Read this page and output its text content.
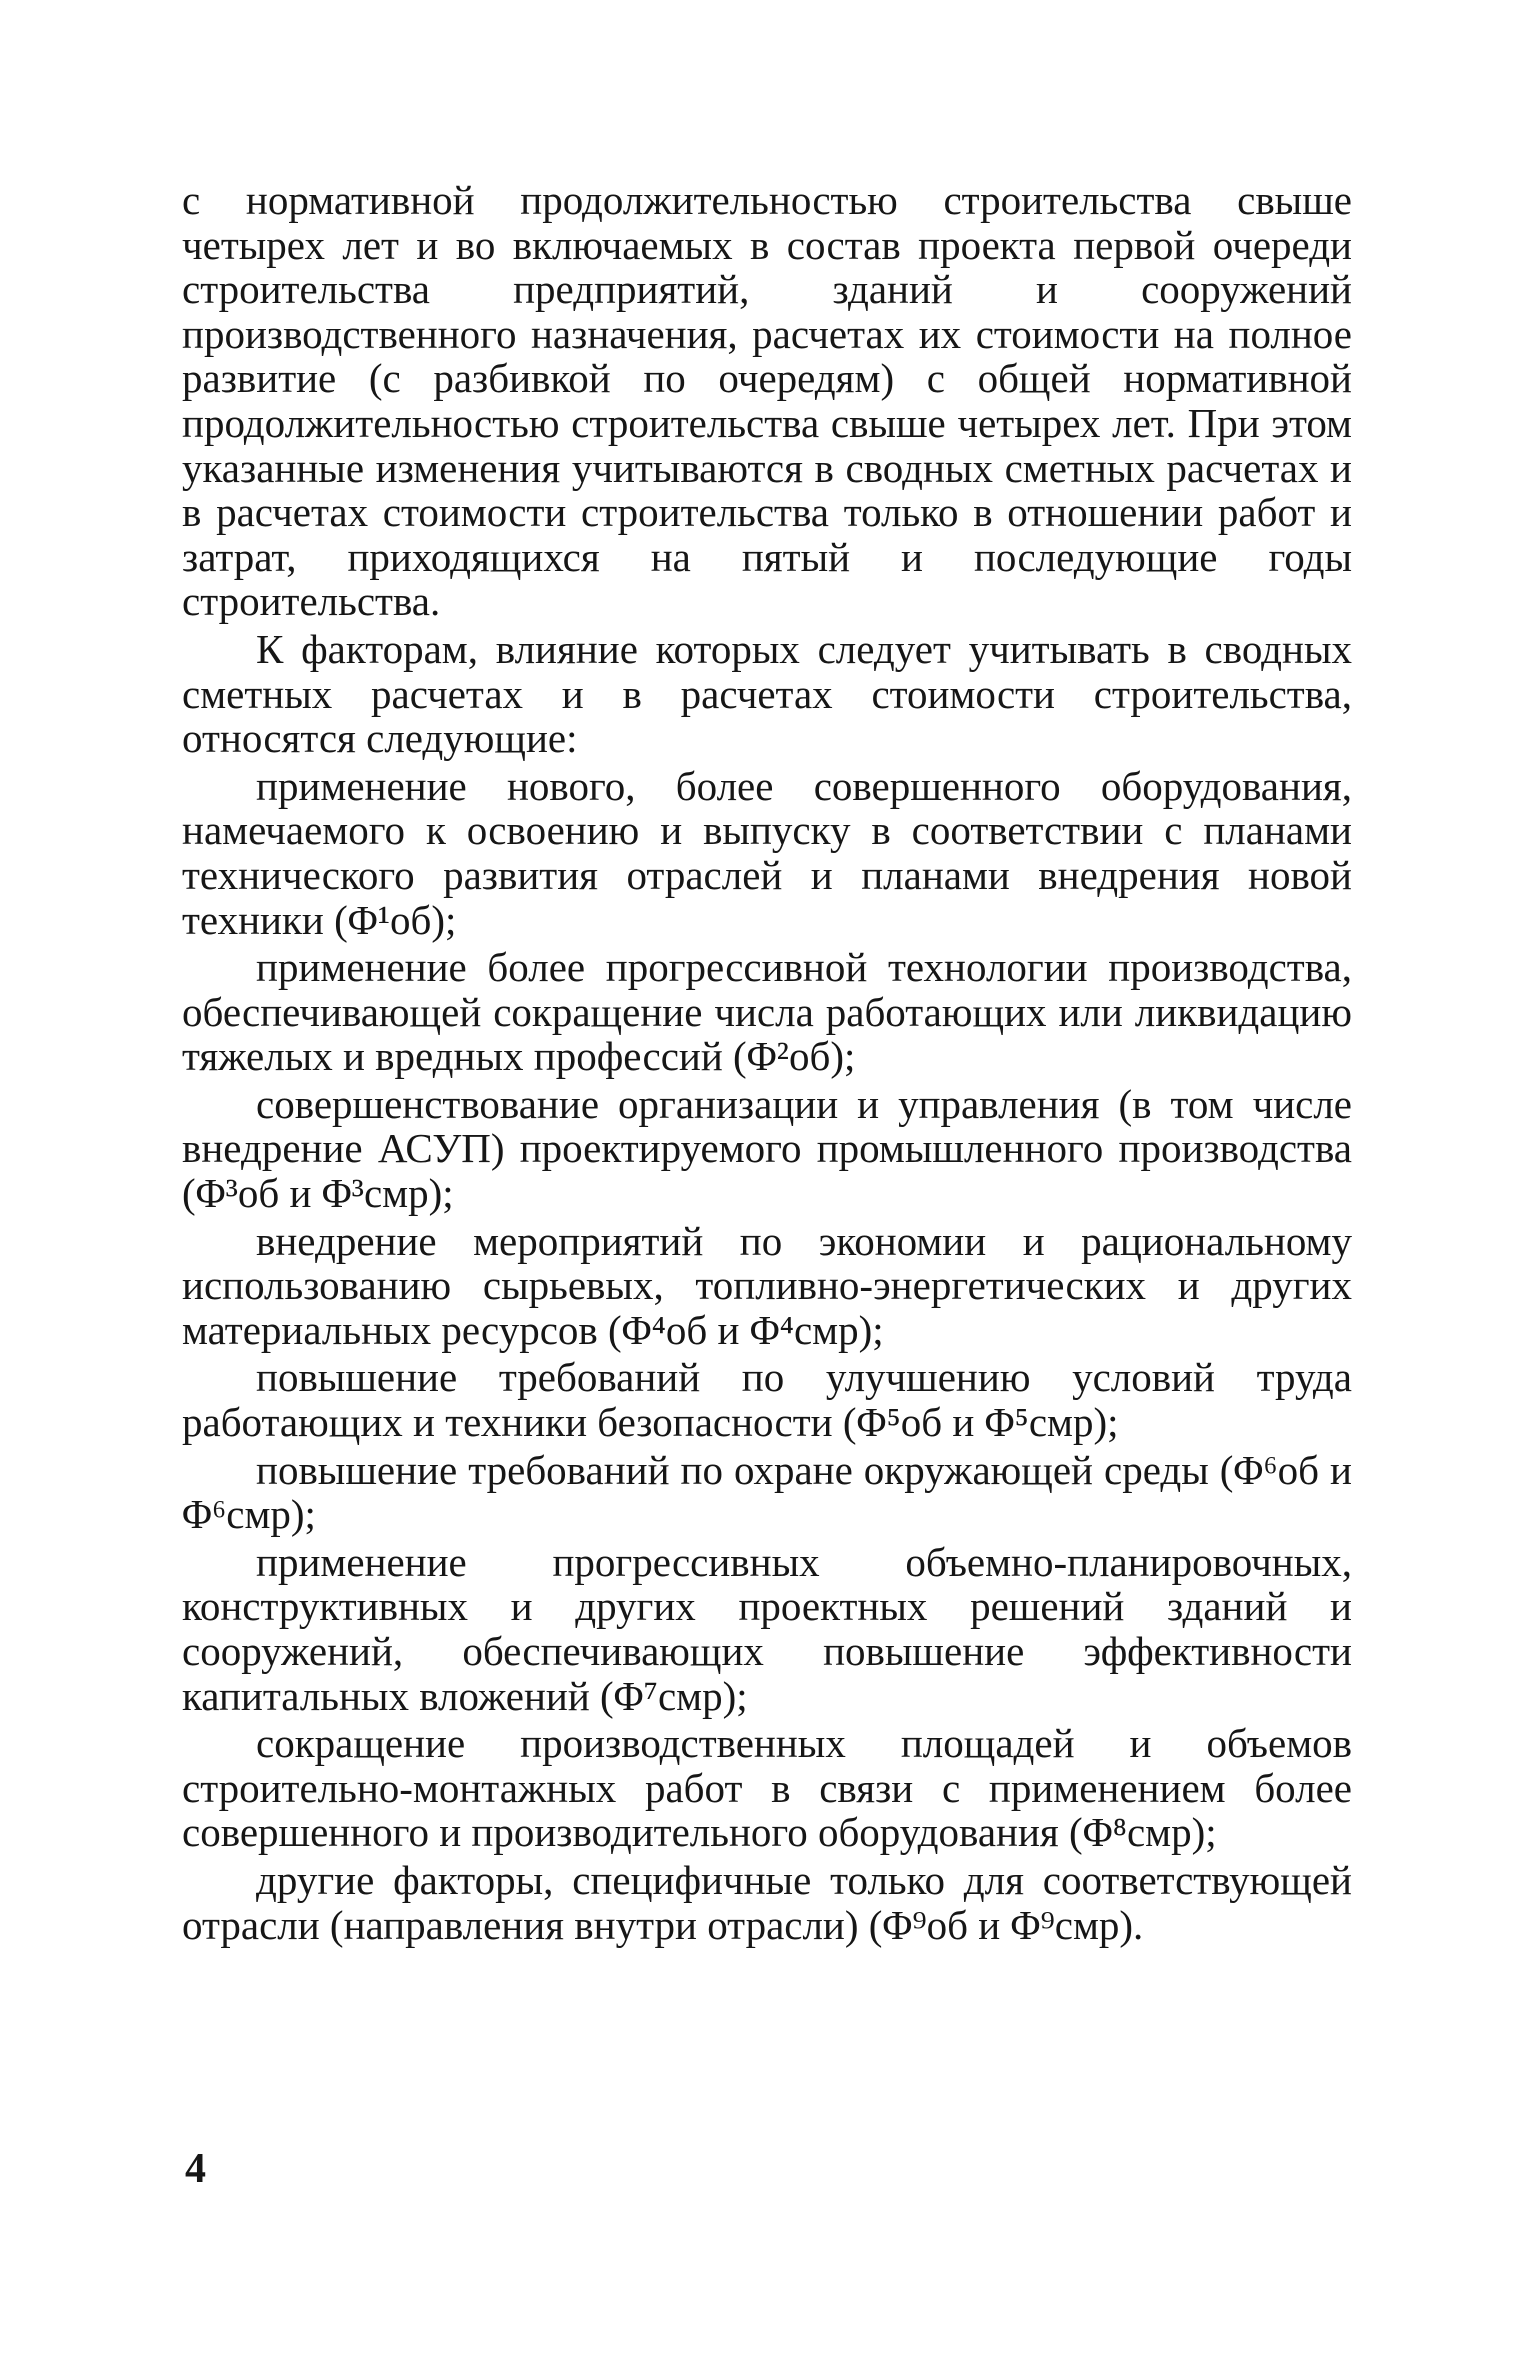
с нормативной продолжительностью строительства свыше четырех лет и во включаемых в состав проекта первой очереди строительства предприятий, зданий и сооружений производственного назначения, расчетах их стоимости на полное развитие (с разбивкой по очередям) с общей нормативной продолжительностью строительства свыше четырех лет. При этом указанные изменения учитываются в сводных сметных расчетах и в расчетах стоимости строительства только в отношении работ и затрат, приходящихся на пятый и последующие годы строительства.

К факторам, влияние которых следует учитывать в сводных сметных расчетах и в расчетах стоимости строительства, относятся следующие:

применение нового, более совершенного оборудования, намечаемого к освоению и выпуску в соответствии с планами технического развития отраслей и планами внедрения новой техники (Φ¹об);

применение более прогрессивной технологии производства, обеспечивающей сокращение числа работающих или ликвидацию тяжелых и вредных профессий (Φ²об);

совершенствование организации и управления (в том числе внедрение АСУП) проектируемого промышленного производства (Φ³об и Φ³смр);

внедрение мероприятий по экономии и рациональному использованию сырьевых, топливно-энергетических и других материальных ресурсов (Φ⁴об и Φ⁴смр);

повышение требований по улучшению условий труда работающих и техники безопасности (Φ⁵об и Φ⁵смр);

повышение требований по охране окружающей среды (Φ⁶об и Φ⁶смр);

применение прогрессивных объемно-планировочных, конструктивных и других проектных решений зданий и сооружений, обеспечивающих повышение эффективности капитальных вложений (Φ⁷смр);

сокращение производственных площадей и объемов строительно-монтажных работ в связи с применением более совершенного и производительного оборудования (Φ⁸смр);

другие факторы, специфичные только для соответствующей отрасли (направления внутри отрасли) (Φ⁹об и Φ⁹смр).

4
